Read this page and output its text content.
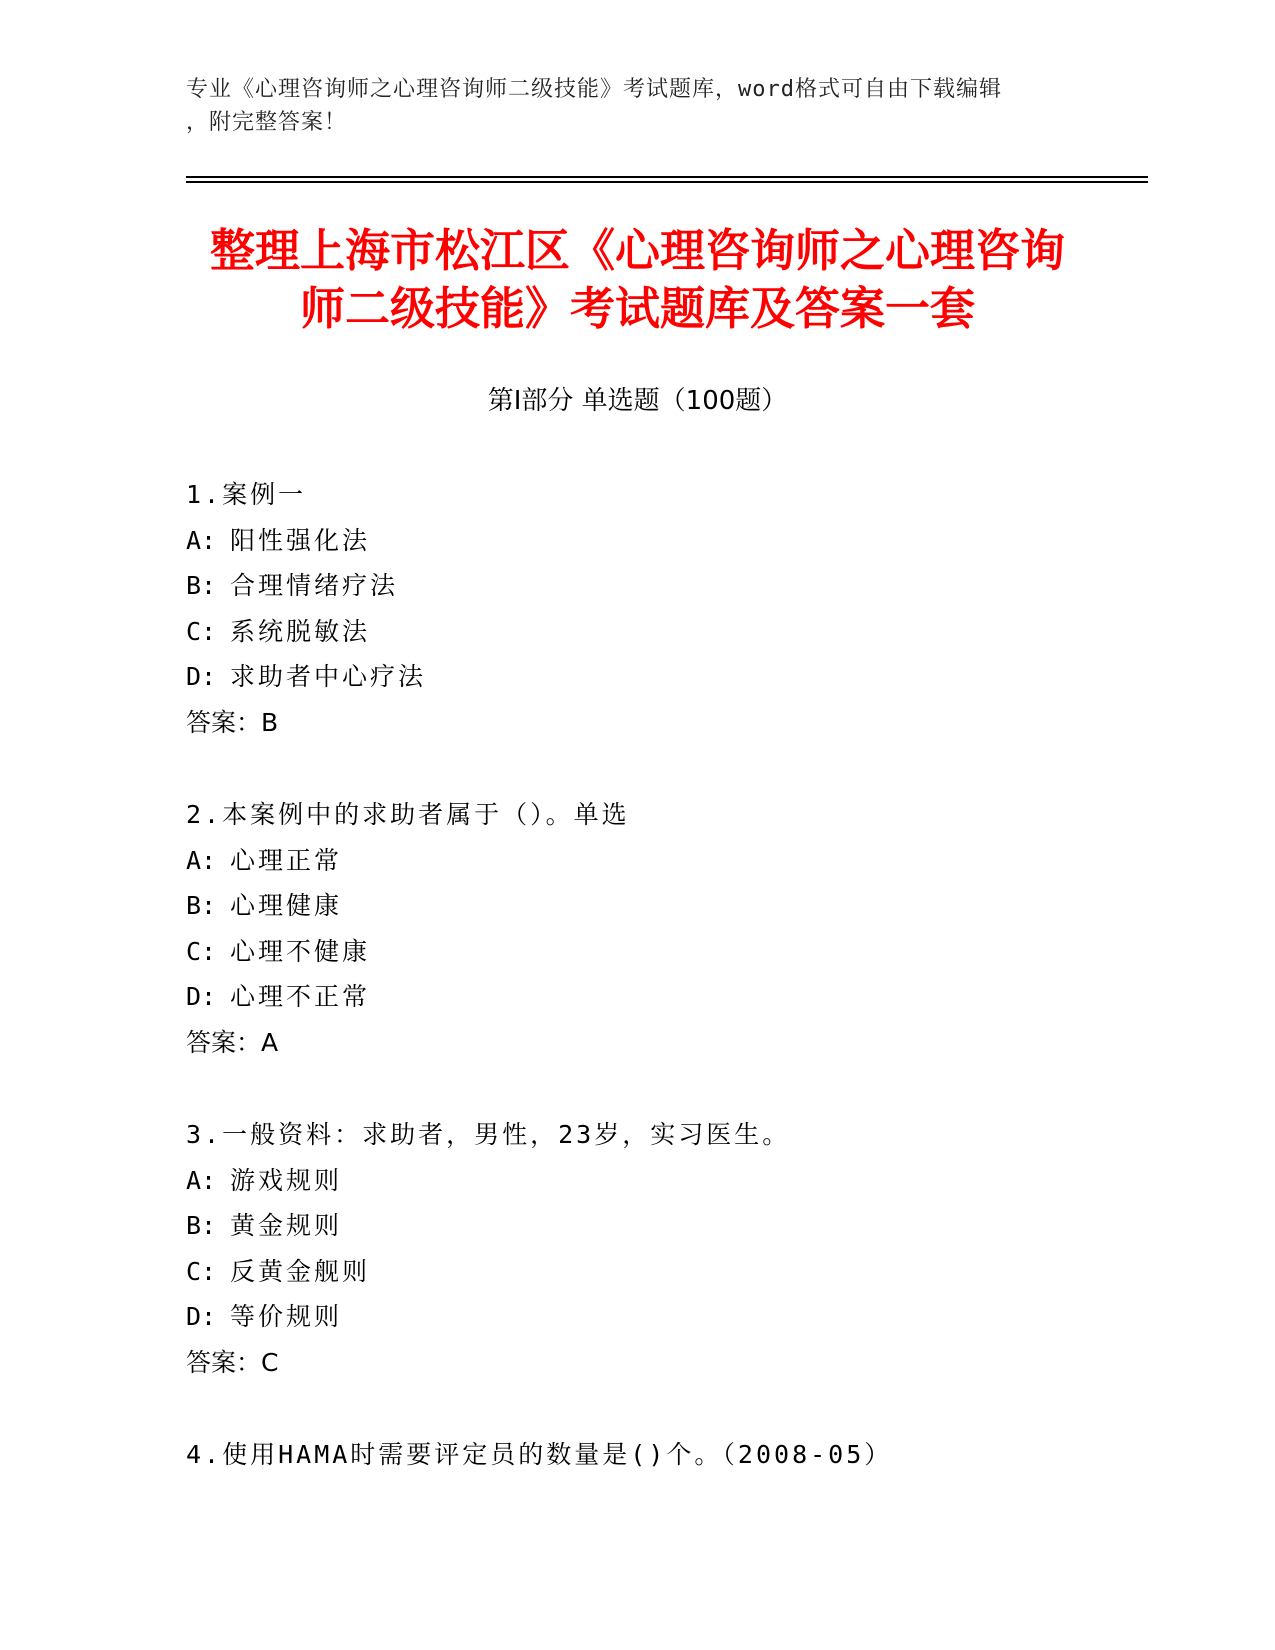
专业《心理咨询师之心理咨询师二级技能》考试题库，word格式可自由下载编辑
，附完整答案！
整理上海市松江区《心理咨询师之心理咨询
师二级技能》考试题库及答案一套
第Ⅰ部分 单选题（100题）
1.案例一
A: 阳性强化法
B: 合理情绪疗法
C: 系统脱敏法
D: 求助者中心疗法
答案：B
2.本案例中的求助者属于（）。单选
A: 心理正常
B: 心理健康
C: 心理不健康
D: 心理不正常
答案：A
3.一般资料：求助者，男性，23岁，实习医生。
A: 游戏规则
B: 黄金规则
C: 反黄金舰则
D: 等价规则
答案：C
4.使用HAMA时需要评定员的数量是()个。（2008-05）
